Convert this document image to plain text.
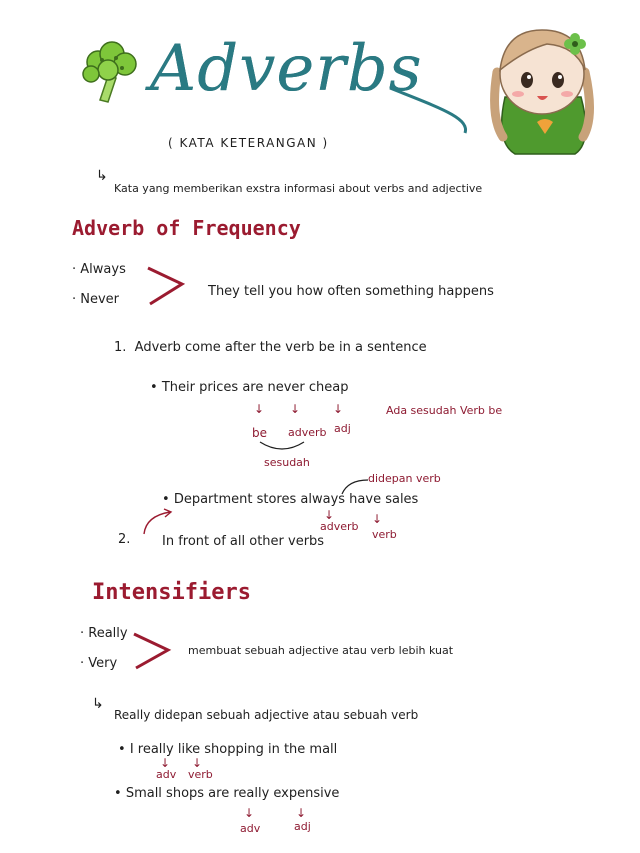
Adverbs
( KATA KETERANGAN )
↳
Kata yang memberikan exstra informasi about verbs and adjective
Adverb of Frequency
· Always
· Never
They tell you how often something happens
1.  Adverb come after the verb be in a sentence
• Their prices are never cheap
↓ ↓	↓
be adverb adj
sesudah
Ada sesudah Verb be
didepan verb
• Department stores always have sales
↓	↓
adverb
verb
2. In front of all other verbs
Intensifiers
· Really
· Very
membuat sebuah adjective atau verb lebih kuat
↳
Really didepan sebuah adjective atau sebuah verb
• I really like shopping in the mall
↓ ↓
adv verb
• Small shops are really expensive
↓	↓
adv	adj
